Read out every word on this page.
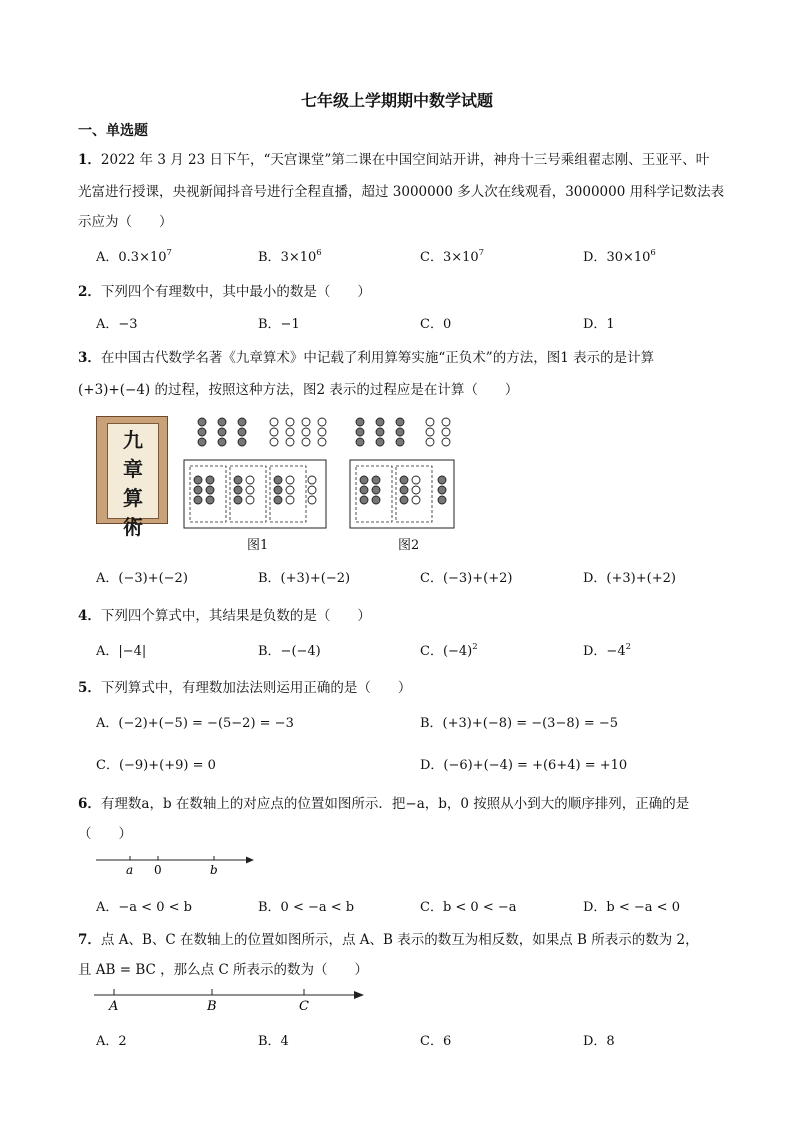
七年级上学期期中数学试题
一、单选题
1．2022 年 3 月 23 日下午，“天宫课堂”第二课在中国空间站开讲，神舟十三号乘组翟志刚、王亚平、叶
光富进行授课，央视新闻抖音号进行全程直播，超过 3000000 多人次在线观看，3000000 用科学记数法表
示应为（　　）
A．$0.3\times 10^7$	B．$3\times 10^6$	C．$3\times 10^7$	D．$30\times 10^6$
2．下列四个有理数中，其中最小的数是（　　）
A．−3	B．−1	C．0	D．1
3．在中国古代数学名著《九章算术》中记载了利用算筹实施“正负术”的方法，图1 表示的是计算
(+3)+(−4) 的过程，按照这种方法，图2 表示的过程应是在计算（　　）
九
章
算
術
图1	图2
A．(−3)+(−2)	B．(+3)+(−2)	C．(−3)+(+2)	D．(+3)+(+2)
4．下列四个算式中，其结果是负数的是（　　）
A．|−4|	B．−(−4)	C．$(-4)^2$	D．$-4^2$
5．下列算式中，有理数加法法则运用正确的是（　　）
A．(−2)+(−5) = −(5−2) = −3	B．(+3)+(−8) = −(3−8) = −5
C．(−9)+(+9) = 0	D．(−6)+(−4) = +(6+4) = +10
6．有理数a，b 在数轴上的对应点的位置如图所示．把−a，b，0 按照从小到大的顺序排列，正确的是
（　　）
a 0	b
A．−a < 0 < b	B．0 < −a < b	C．b < 0 < −a	D．b < −a < 0
7．点 A、B、C 在数轴上的位置如图所示，点 A、B 表示的数互为相反数，如果点 B 所表示的数为 2，
且 AB = BC ，那么点 C 所表示的数为（　　）
A	B	C
A．2	B．4	C．6	D．8
